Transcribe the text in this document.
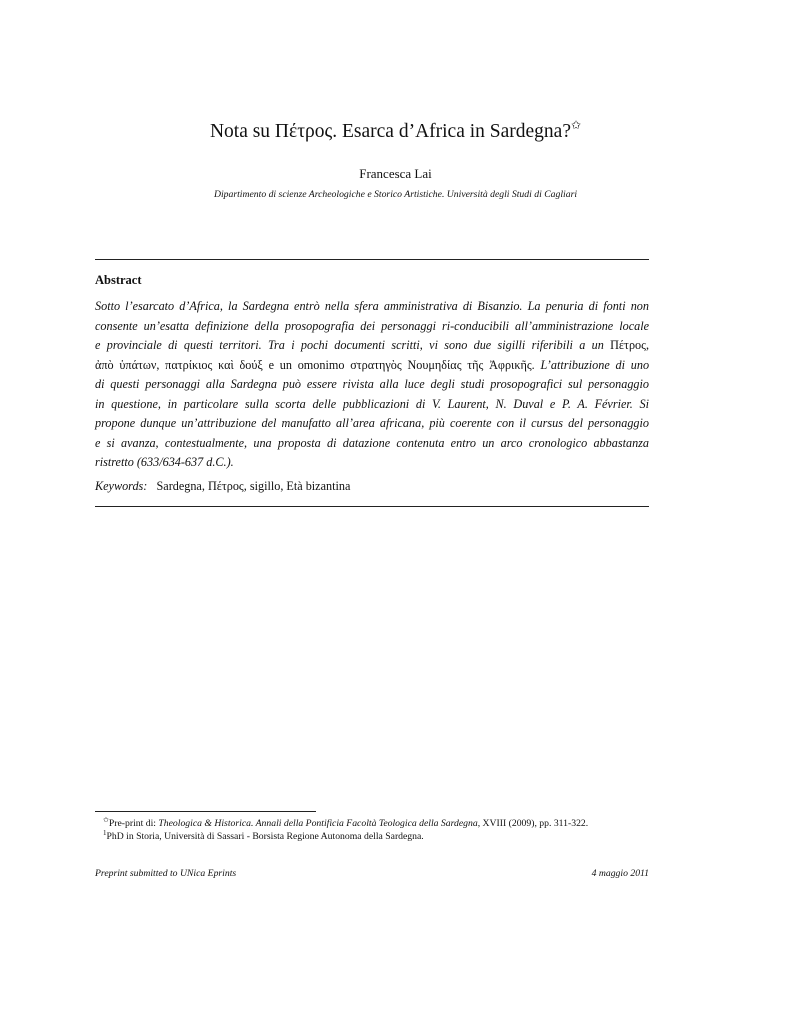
Nota su Πέτρος. Esarca d’Africa in Sardegna?✩
Francesca Lai
Dipartimento di scienze Archeologiche e Storico Artistiche. Università degli Studi di Cagliari
Abstract
Sotto l’esarcato d’Africa, la Sardegna entrò nella sfera amministrativa di Bisanzio. La penuria di fonti non
consente un’esatta definizione della prosopografia dei personaggi ri-conducibili all’amministrazione locale
e provinciale di questi territori. Tra i pochi documenti scritti, vi sono due sigilli riferibili a un Πέτρος,
ἀπὸ ὑπάτων, πατρίκιος καὶ δούξ e un omonimo στρατηγὸς Νουμηδίας τῆς Ἀφρικῆς. L’attribuzione di uno
di questi personaggi alla Sardegna può essere rivista alla luce degli studi prosopografici sul personaggio
in questione, in particolare sulla scorta delle pubblicazioni di V. Laurent, N. Duval e P. A. Février. Si
propone dunque un’attribuzione del manufatto all’area africana, più coerente con il cursus del personaggio
e si avanza, contestualmente, una proposta di datazione contenuta entro un arco cronologico abbastanza
ristretto (633/634-637 d.C.).
Keywords: Sardegna, Πέτρος, sigillo, Età bizantina
✩Pre-print di: Theologica & Historica. Annali della Pontificia Facoltà Teologica della Sardegna, XVIII (2009), pp. 311-322.
$^1$PhD in Storia, Università di Sassari - Borsista Regione Autonoma della Sardegna.
Preprint submitted to UNica Eprints	4 maggio 2011
